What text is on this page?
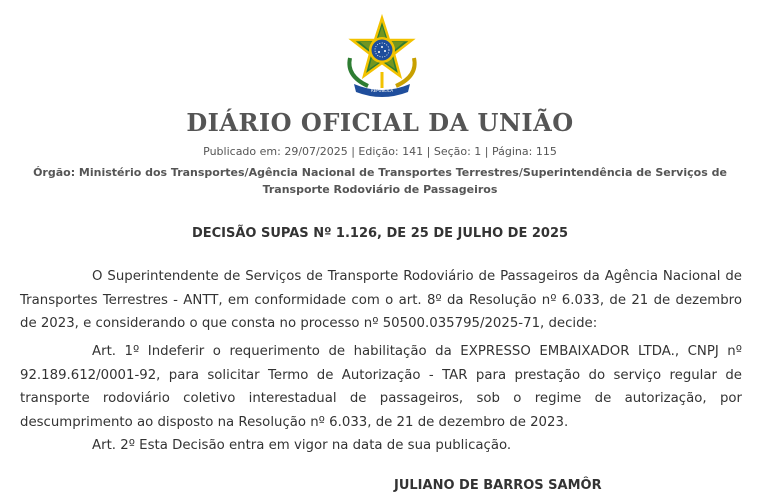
REPUBLICA
DIÁRIO OFICIAL DA UNIÃO
Publicado em: 29/07/2025 | Edição: 141 | Seção: 1 | Página: 115
Órgão: Ministério dos Transportes/Agência Nacional de Transportes Terrestres/Superintendência de Serviços de Transporte Rodoviário de Passageiros
DECISÃO SUPAS Nº 1.126, DE 25 DE JULHO DE 2025

O Superintendente de Serviços de Transporte Rodoviário de Passageiros da Agência Nacional de Transportes Terrestres - ANTT, em conformidade com o art. 8º da Resolução nº 6.033, de 21 de dezembro de 2023, e considerando o que consta no processo nº 50500.035795/2025-71, decide:

Art. 1º Indeferir o requerimento de habilitação da EXPRESSO EMBAIXADOR LTDA., CNPJ nº 92.189.612/0001-92, para solicitar Termo de Autorização - TAR para prestação do serviço regular de transporte rodoviário coletivo interestadual de passageiros, sob o regime de autorização, por descumprimento ao disposto na Resolução nº 6.033, de 21 de dezembro de 2023.

Art. 2º Esta Decisão entra em vigor na data de sua publicação.

JULIANO DE BARROS SAMÔR
